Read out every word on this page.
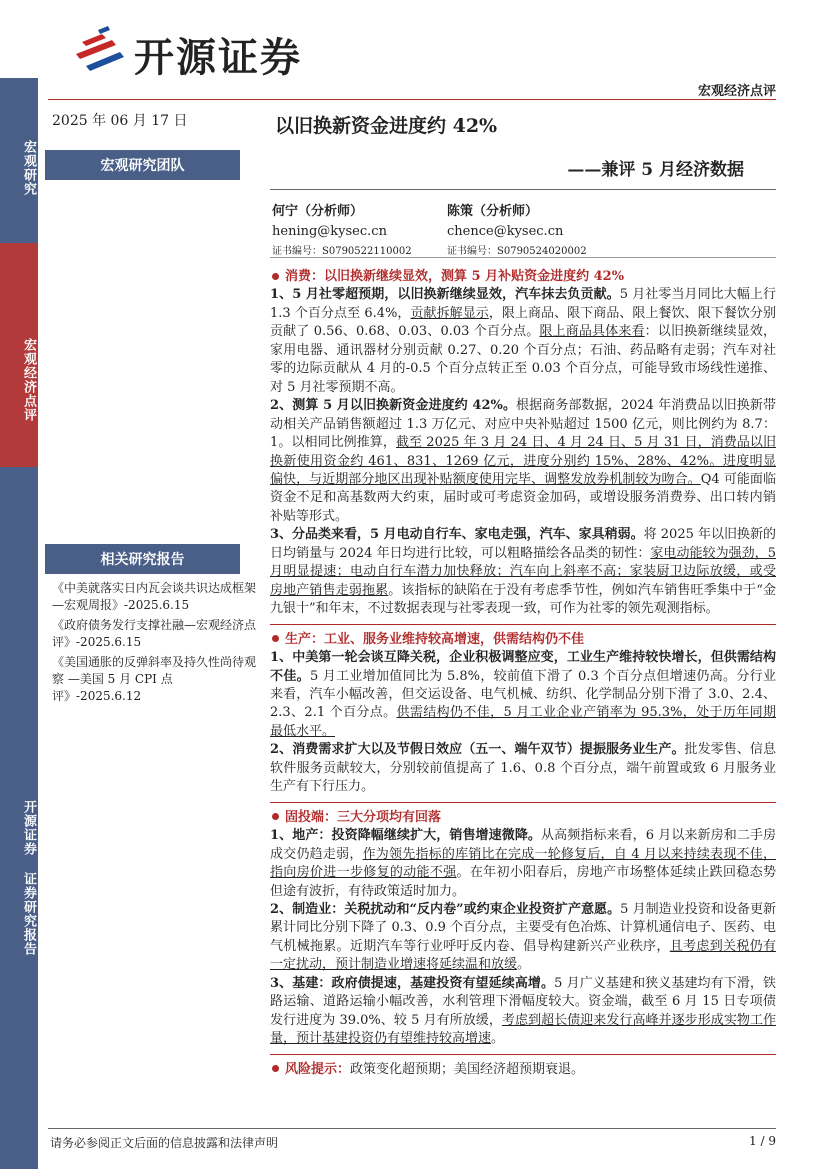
开源证券
宏观经济点评
宏观研究
宏观经济点评
开源证券 证券研究报告
2025 年 06 月 17 日
宏观研究团队
相关研究报告
《中美就落实日内瓦会谈共识达成框架—宏观周报》-2025.6.15
《政府债务发行支撑社融—宏观经济点评》-2025.6.15
《美国通胀的反弹斜率及持久性尚待观察 —美国 5 月 CPI 点评》-2025.6.12
以旧换新资金进度约 42%
——兼评 5 月经济数据
何宁（分析师）
hening@kysec.cn
证书编号：S0790522110002
陈策（分析师）
chence@kysec.cn
证书编号：S0790524020002
消费：以旧换新继续显效，测算 5 月补贴资金进度约 42%
1、5 月社零超预期，以旧换新继续显效，汽车抹去负贡献。5 月社零当月同比大幅上行 1.3 个百分点至 6.4%，贡献拆解显示，限上商品、限下商品、限上餐饮、限下餐饮分别贡献了 0.56、0.68、0.03、0.03 个百分点。限上商品具体来看：以旧换新继续显效，家用电器、通讯器材分别贡献 0.27、0.20 个百分点；石油、药品略有走弱；汽车对社零的边际贡献从 4 月的-0.5 个百分点转正至 0.03 个百分点，可能导致市场线性递推、对 5 月社零预期不高。
2、测算 5 月以旧换新资金进度约 42%。根据商务部数据，2024 年消费品以旧换新带动相关产品销售额超过 1.3 万亿元、对应中央补贴超过 1500 亿元，则比例约为 8.7：1。以相同比例推算，截至 2025 年 3 月 24 日、4 月 24 日、5 月 31 日，消费品以旧换新使用资金约 461、831、1269 亿元，进度分别约 15%、28%、42%。进度明显偏快，与近期部分地区出现补贴额度使用完毕、调整发放券机制较为吻合。Q4 可能面临资金不足和高基数两大约束，届时或可考虑资金加码，或增设服务消费券、出口转内销补贴等形式。
3、分品类来看，5 月电动自行车、家电走强，汽车、家具稍弱。将 2025 年以旧换新的日均销量与 2024 年日均进行比较，可以粗略描绘各品类的韧性：家电动能较为强劲，5 月明显提速；电动自行车潜力加快释放；汽车向上斜率不高；家装厨卫边际放缓，或受房地产销售走弱拖累。该指标的缺陷在于没有考虑季节性，例如汽车销售旺季集中于“金九银十”和年末，不过数据表现与社零表现一致，可作为社零的领先观测指标。
生产：工业、服务业维持较高增速，供需结构仍不佳
1、中美第一轮会谈互降关税，企业积极调整应变，工业生产维持较快增长，但供需结构不佳。5 月工业增加值同比为 5.8%，较前值下滑了 0.3 个百分点但增速仍高。分行业来看，汽车小幅改善，但交运设备、电气机械、纺织、化学制品分别下滑了 3.0、2.4、2.3、2.1 个百分点。供需结构仍不佳，5 月工业企业产销率为 95.3%，处于历年同期最低水平。
2、消费需求扩大以及节假日效应（五一、端午双节）提振服务业生产。批发零售、信息软件服务贡献较大，分别较前值提高了 1.6、0.8 个百分点，端午前置或致 6 月服务业生产有下行压力。
固投端：三大分项均有回落
1、地产：投资降幅继续扩大，销售增速微降。从高频指标来看，6 月以来新房和二手房成交仍趋走弱，作为领先指标的库销比在完成一轮修复后，自 4 月以来持续表现不佳，指向房价进一步修复的动能不强。在年初小阳春后，房地产市场整体延续止跌回稳态势但途有波折，有待政策适时加力。
2、制造业：关税扰动和“反内卷”或约束企业投资扩产意愿。5 月制造业投资和设备更新累计同比分别下降了 0.3、0.9 个百分点，主要受有色冶炼、计算机通信电子、医药、电气机械拖累。近期汽车等行业呼吁反内卷、倡导构建新兴产业秩序，且考虑到关税仍有一定扰动，预计制造业增速将延续温和放缓。
3、基建：政府债提速，基建投资有望延续高增。5 月广义基建和狭义基建均有下滑，铁路运输、道路运输小幅改善，水利管理下滑幅度较大。资金端，截至 6 月 15 日专项债发行进度为 39.0%、较 5 月有所放缓，考虑到超长债迎来发行高峰并逐步形成实物工作量，预计基建投资仍有望维持较高增速。
风险提示：政策变化超预期；美国经济超预期衰退。
请务必参阅正文后面的信息披露和法律声明	1 / 9
